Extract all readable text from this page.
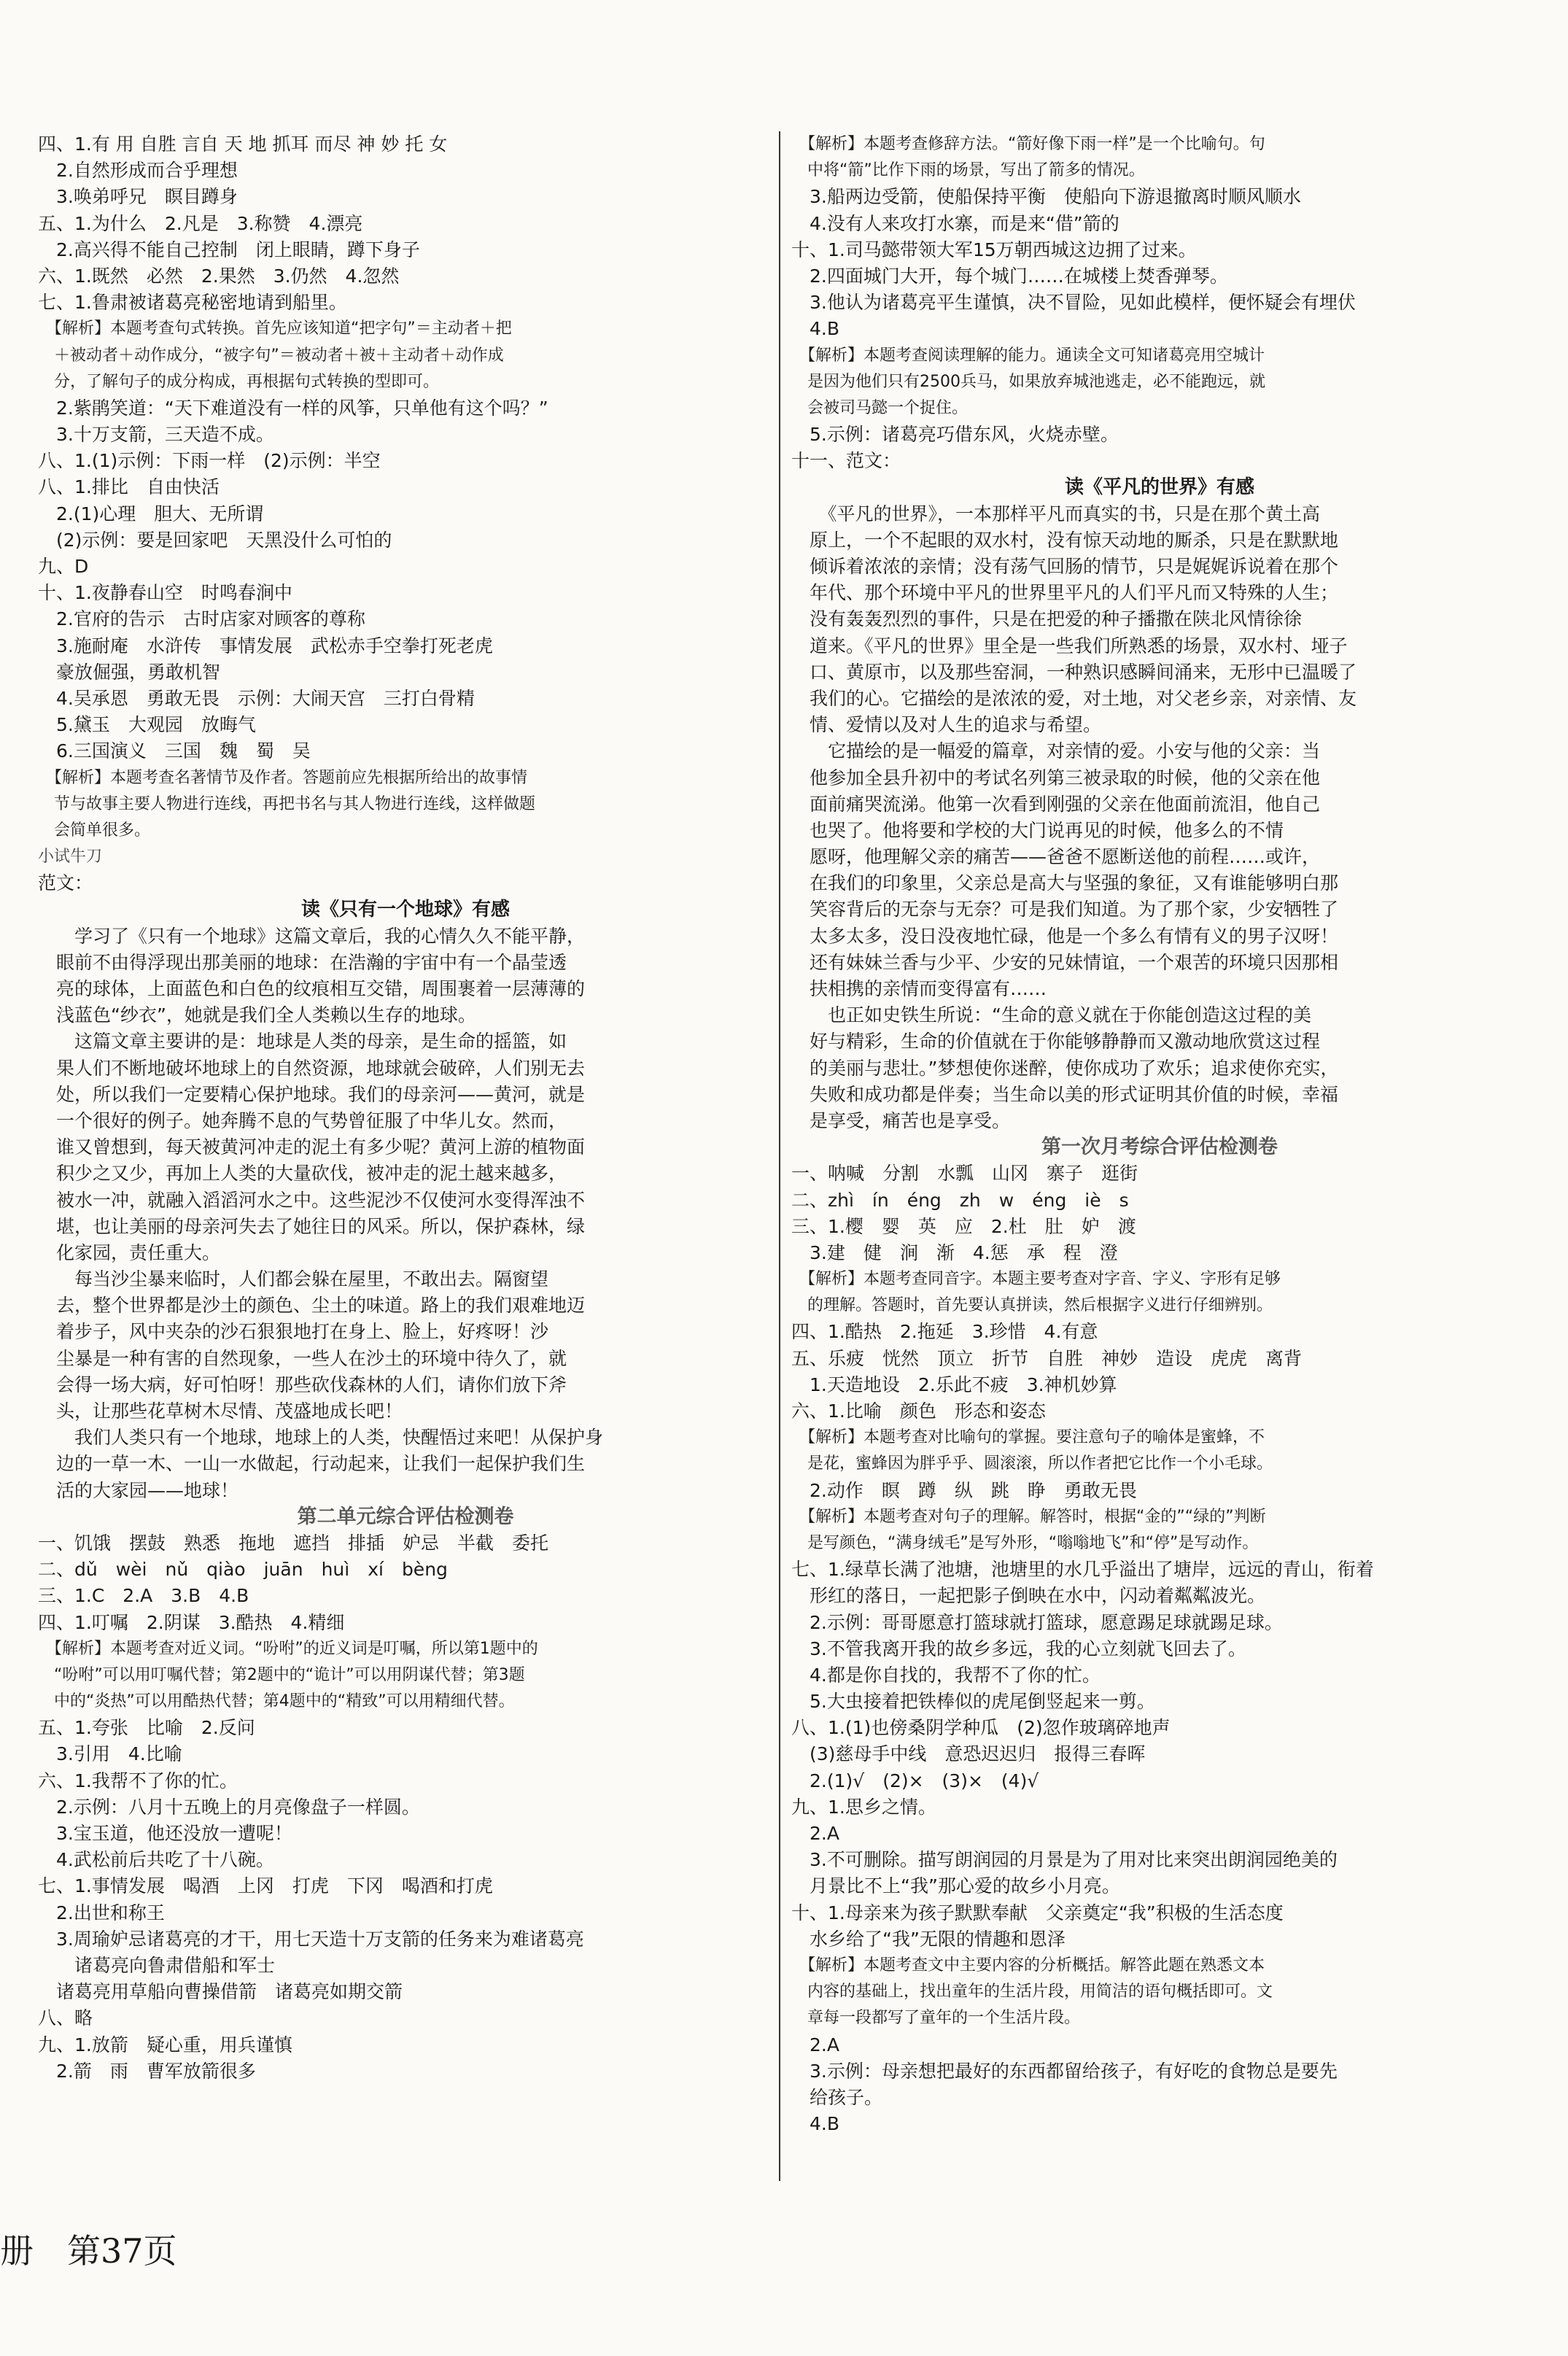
四、1.有 用 自胜 言自 天 地 抓耳 而尽 神 妙 托 女
　2.自然形成而合乎理想
　3.唤弟呼兄　瞑目蹲身
五、1.为什么　2.凡是　3.称赞　4.漂亮
　2.高兴得不能自己控制　闭上眼睛，蹲下身子
六、1.既然　必然　2.果然　3.仍然　4.忽然
七、1.鲁肃被诸葛亮秘密地请到船里。
　【解析】本题考查句式转换。首先应该知道“把字句”＝主动者＋把
　＋被动者＋动作成分，“被字句”＝被动者＋被＋主动者＋动作成
　分，了解句子的成分构成，再根据句式转换的型即可。
　2.紫鹃笑道：“天下难道没有一样的风筝，只单他有这个吗？”
　3.十万支箭，三天造不成。
八、1.(1)示例：下雨一样　(2)示例：半空
八、1.排比　自由快活
　2.(1)心理　胆大、无所谓
　(2)示例：要是回家吧　天黑没什么可怕的
九、D
十、1.夜静春山空　时鸣春涧中
　2.官府的告示　古时店家对顾客的尊称
　3.施耐庵　水浒传　事情发展　武松赤手空拳打死老虎
　豪放倔强，勇敢机智
　4.吴承恩　勇敢无畏　示例：大闹天宫　三打白骨精
　5.黛玉　大观园　放晦气
　6.三国演义　三国　魏　蜀　吴
　【解析】本题考查名著情节及作者。答题前应先根据所给出的故事情
　节与故事主要人物进行连线，再把书名与其人物进行连线，这样做题
　会简单很多。
小试牛刀
范文：
读《只有一个地球》有感
　　学习了《只有一个地球》这篇文章后，我的心情久久不能平静，
　眼前不由得浮现出那美丽的地球：在浩瀚的宇宙中有一个晶莹透
　亮的球体，上面蓝色和白色的纹痕相互交错，周围裹着一层薄薄的
　浅蓝色“纱衣”，她就是我们全人类赖以生存的地球。
　　这篇文章主要讲的是：地球是人类的母亲，是生命的摇篮，如
　果人们不断地破坏地球上的自然资源，地球就会破碎，人们别无去
　处，所以我们一定要精心保护地球。我们的母亲河——黄河，就是
　一个很好的例子。她奔腾不息的气势曾征服了中华儿女。然而，
　谁又曾想到，每天被黄河冲走的泥土有多少呢？黄河上游的植物面
　积少之又少，再加上人类的大量砍伐，被冲走的泥土越来越多，
　被水一冲，就融入滔滔河水之中。这些泥沙不仅使河水变得浑浊不
　堪，也让美丽的母亲河失去了她往日的风采。所以，保护森林，绿
　化家园，责任重大。
　　每当沙尘暴来临时，人们都会躲在屋里，不敢出去。隔窗望
　去，整个世界都是沙土的颜色、尘土的味道。路上的我们艰难地迈
　着步子，风中夹杂的沙石狠狠地打在身上、脸上，好疼呀！沙
　尘暴是一种有害的自然现象，一些人在沙土的环境中待久了，就
　会得一场大病，好可怕呀！那些砍伐森林的人们，请你们放下斧
　头，让那些花草树木尽情、茂盛地成长吧！
　　我们人类只有一个地球，地球上的人类，快醒悟过来吧！从保护身
　边的一草一木、一山一水做起，行动起来，让我们一起保护我们生
　活的大家园——地球！
第二单元综合评估检测卷
一、饥饿　摆鼓　熟悉　拖地　遮挡　排插　妒忌　半截　委托
二、dǔ　wèi　nǔ　qiào　juān　huì　xí　bèng
三、1.C　2.A　3.B　4.B
四、1.叮嘱　2.阴谋　3.酷热　4.精细
　【解析】本题考查对近义词。“吩咐”的近义词是叮嘱，所以第1题中的
　“吩咐”可以用叮嘱代替；第2题中的“诡计”可以用阴谋代替；第3题
　中的“炎热”可以用酷热代替；第4题中的“精致”可以用精细代替。
五、1.夸张　比喻　2.反问
　3.引用　4.比喻
六、1.我帮不了你的忙。
　2.示例：八月十五晚上的月亮像盘子一样圆。
　3.宝玉道，他还没放一遭呢！
　4.武松前后共吃了十八碗。
七、1.事情发展　喝酒　上冈　打虎　下冈　喝酒和打虎
　2.出世和称王
　3.周瑜妒忌诸葛亮的才干，用七天造十万支箭的任务来为难诸葛亮
　　诸葛亮向鲁肃借船和军士
　诸葛亮用草船向曹操借箭　诸葛亮如期交箭
八、略
九、1.放箭　疑心重，用兵谨慎
　2.箭　雨　曹军放箭很多
　【解析】本题考查修辞方法。“箭好像下雨一样”是一个比喻句。句
　中将“箭”比作下雨的场景，写出了箭多的情况。
　3.船两边受箭，使船保持平衡　使船向下游退撤离时顺风顺水
　4.没有人来攻打水寨，而是来“借”箭的
十、1.司马懿带领大军15万朝西城这边拥了过来。
　2.四面城门大开，每个城门……在城楼上焚香弹琴。
　3.他认为诸葛亮平生谨慎，决不冒险，见如此模样，便怀疑会有埋伏
　4.B
　【解析】本题考查阅读理解的能力。通读全文可知诸葛亮用空城计
　是因为他们只有2500兵马，如果放弃城池逃走，必不能跑远，就
　会被司马懿一个捉住。
　5.示例：诸葛亮巧借东风，火烧赤壁。
十一、范文：
读《平凡的世界》有感
　　《平凡的世界》，一本那样平凡而真实的书，只是在那个黄土高
　原上，一个不起眼的双水村，没有惊天动地的厮杀，只是在默默地
　倾诉着浓浓的亲情；没有荡气回肠的情节，只是娓娓诉说着在那个
　年代、那个环境中平凡的世界里平凡的人们平凡而又特殊的人生；
　没有轰轰烈烈的事件，只是在把爱的种子播撒在陕北风情徐徐
　道来。《平凡的世界》里全是一些我们所熟悉的场景，双水村、垭子
　口、黄原市，以及那些窑洞，一种熟识感瞬间涌来，无形中已温暖了
　我们的心。它描绘的是浓浓的爱，对土地，对父老乡亲，对亲情、友
　情、爱情以及对人生的追求与希望。
　　它描绘的是一幅爱的篇章，对亲情的爱。小安与他的父亲：当
　他参加全县升初中的考试名列第三被录取的时候，他的父亲在他
　面前痛哭流涕。他第一次看到刚强的父亲在他面前流泪，他自己
　也哭了。他将要和学校的大门说再见的时候，他多么的不情
　愿呀，他理解父亲的痛苦——爸爸不愿断送他的前程……或许，
　在我们的印象里，父亲总是高大与坚强的象征，又有谁能够明白那
　笑容背后的无奈与无奈？可是我们知道。为了那个家，少安牺牲了
　太多太多，没日没夜地忙碌，他是一个多么有情有义的男子汉呀！
　还有妹妹兰香与少平、少安的兄妹情谊，一个艰苦的环境只因那相
　扶相携的亲情而变得富有……
　　也正如史铁生所说：“生命的意义就在于你能创造这过程的美
　好与精彩，生命的价值就在于你能够静静而又激动地欣赏这过程
　的美丽与悲壮。”梦想使你迷醉，使你成功了欢乐；追求使你充实，
　失败和成功都是伴奏；当生命以美的形式证明其价值的时候，幸福
　是享受，痛苦也是享受。
第一次月考综合评估检测卷
一、呐喊　分割　水瓢　山冈　寨子　逛街
二、zhì　ín　éng　zh　w　éng　iè　s
三、1.樱　婴　英　应　2.杜　肚　妒　渡
　3.建　健　涧　渐　4.惩　承　程　澄
　【解析】本题考查同音字。本题主要考查对字音、字义、字形有足够
　的理解。答题时，首先要认真拼读，然后根据字义进行仔细辨别。
四、1.酷热　2.拖延　3.珍惜　4.有意
五、乐疲　恍然　顶立　折节　自胜　神妙　造设　虎虎　离背
　1.天造地设　2.乐此不疲　3.神机妙算
六、1.比喻　颜色　形态和姿态
　【解析】本题考查对比喻句的掌握。要注意句子的喻体是蜜蜂，不
　是花，蜜蜂因为胖乎乎、圆滚滚，所以作者把它比作一个小毛球。
　2.动作　瞑　蹲　纵　跳　睁　勇敢无畏
　【解析】本题考查对句子的理解。解答时，根据“金的”“绿的”判断
　是写颜色，“满身绒毛”是写外形，“嗡嗡地飞”和“停”是写动作。
七、1.绿草长满了池塘，池塘里的水几乎溢出了塘岸，远远的青山，衔着
　形红的落日，一起把影子倒映在水中，闪动着粼粼波光。
　2.示例：哥哥愿意打篮球就打篮球，愿意踢足球就踢足球。
　3.不管我离开我的故乡多远，我的心立刻就飞回去了。
　4.都是你自找的，我帮不了你的忙。
　5.大虫接着把铁棒似的虎尾倒竖起来一剪。
八、1.(1)也傍桑阴学种瓜　(2)忽作玻璃碎地声
　(3)慈母手中线　意恐迟迟归　报得三春晖
　2.(1)√　(2)×　(3)×　(4)√
九、1.思乡之情。
　2.A
　3.不可删除。描写朗润园的月景是为了用对比来突出朗润园绝美的
　月景比不上“我”那心爱的故乡小月亮。
十、1.母亲来为孩子默默奉献　父亲奠定“我”积极的生活态度
　水乡给了“我”无限的情趣和恩泽
　【解析】本题考查文中主要内容的分析概括。解答此题在熟悉文本
　内容的基础上，找出童年的生活片段，用简洁的语句概括即可。文
　章每一段都写了童年的一个生活片段。
　2.A
　3.示例：母亲想把最好的东西都留给孩子，有好吃的食物总是要先
　给孩子。
　4.B
册　第37页
